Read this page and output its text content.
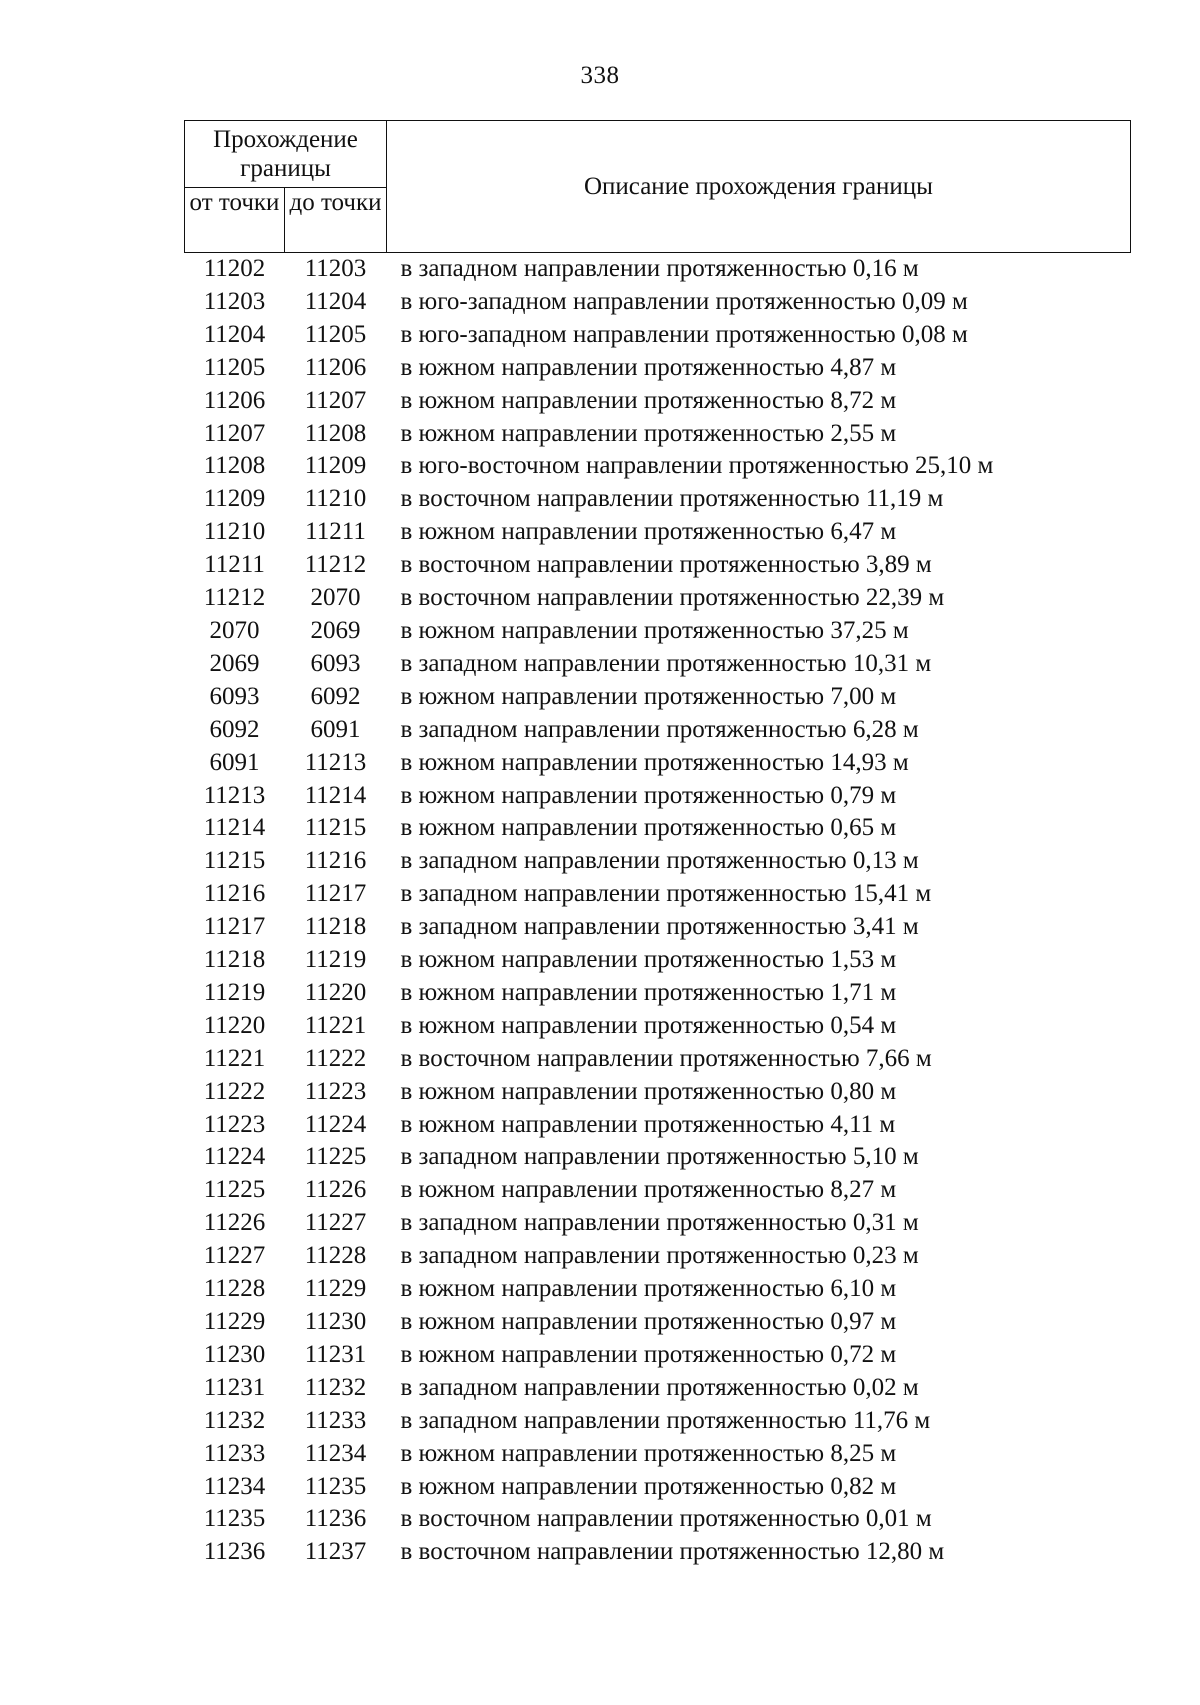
338
Прохождение границы		Описание прохождения границы
от точки	до точки	
11202	11203	в западном направлении протяженностью 0,16 м
11203	11204	в юго-западном направлении протяженностью 0,09 м
11204	11205	в юго-западном направлении протяженностью 0,08 м
11205	11206	в южном направлении протяженностью 4,87 м
11206	11207	в южном направлении протяженностью 8,72 м
11207	11208	в южном направлении протяженностью 2,55 м
11208	11209	в юго-восточном направлении протяженностью 25,10 м
11209	11210	в восточном направлении протяженностью 11,19 м
11210	11211	в южном направлении протяженностью 6,47 м
11211	11212	в восточном направлении протяженностью 3,89 м
11212	2070	в восточном направлении протяженностью 22,39 м
2070	2069	в южном направлении протяженностью 37,25 м
2069	6093	в западном направлении протяженностью 10,31 м
6093	6092	в южном направлении протяженностью 7,00 м
6092	6091	в западном направлении протяженностью 6,28 м
6091	11213	в южном направлении протяженностью 14,93 м
11213	11214	в южном направлении протяженностью 0,79 м
11214	11215	в южном направлении протяженностью 0,65 м
11215	11216	в западном направлении протяженностью 0,13 м
11216	11217	в западном направлении протяженностью 15,41 м
11217	11218	в западном направлении протяженностью 3,41 м
11218	11219	в южном направлении протяженностью 1,53 м
11219	11220	в южном направлении протяженностью 1,71 м
11220	11221	в южном направлении протяженностью 0,54 м
11221	11222	в восточном направлении протяженностью 7,66 м
11222	11223	в южном направлении протяженностью 0,80 м
11223	11224	в южном направлении протяженностью 4,11 м
11224	11225	в западном направлении протяженностью 5,10 м
11225	11226	в южном направлении протяженностью 8,27 м
11226	11227	в западном направлении протяженностью 0,31 м
11227	11228	в западном направлении протяженностью 0,23 м
11228	11229	в южном направлении протяженностью 6,10 м
11229	11230	в южном направлении протяженностью 0,97 м
11230	11231	в южном направлении протяженностью 0,72 м
11231	11232	в западном направлении протяженностью 0,02 м
11232	11233	в западном направлении протяженностью 11,76 м
11233	11234	в южном направлении протяженностью 8,25 м
11234	11235	в южном направлении протяженностью 0,82 м
11235	11236	в восточном направлении протяженностью 0,01 м
11236	11237	в восточном направлении протяженностью 12,80 м
